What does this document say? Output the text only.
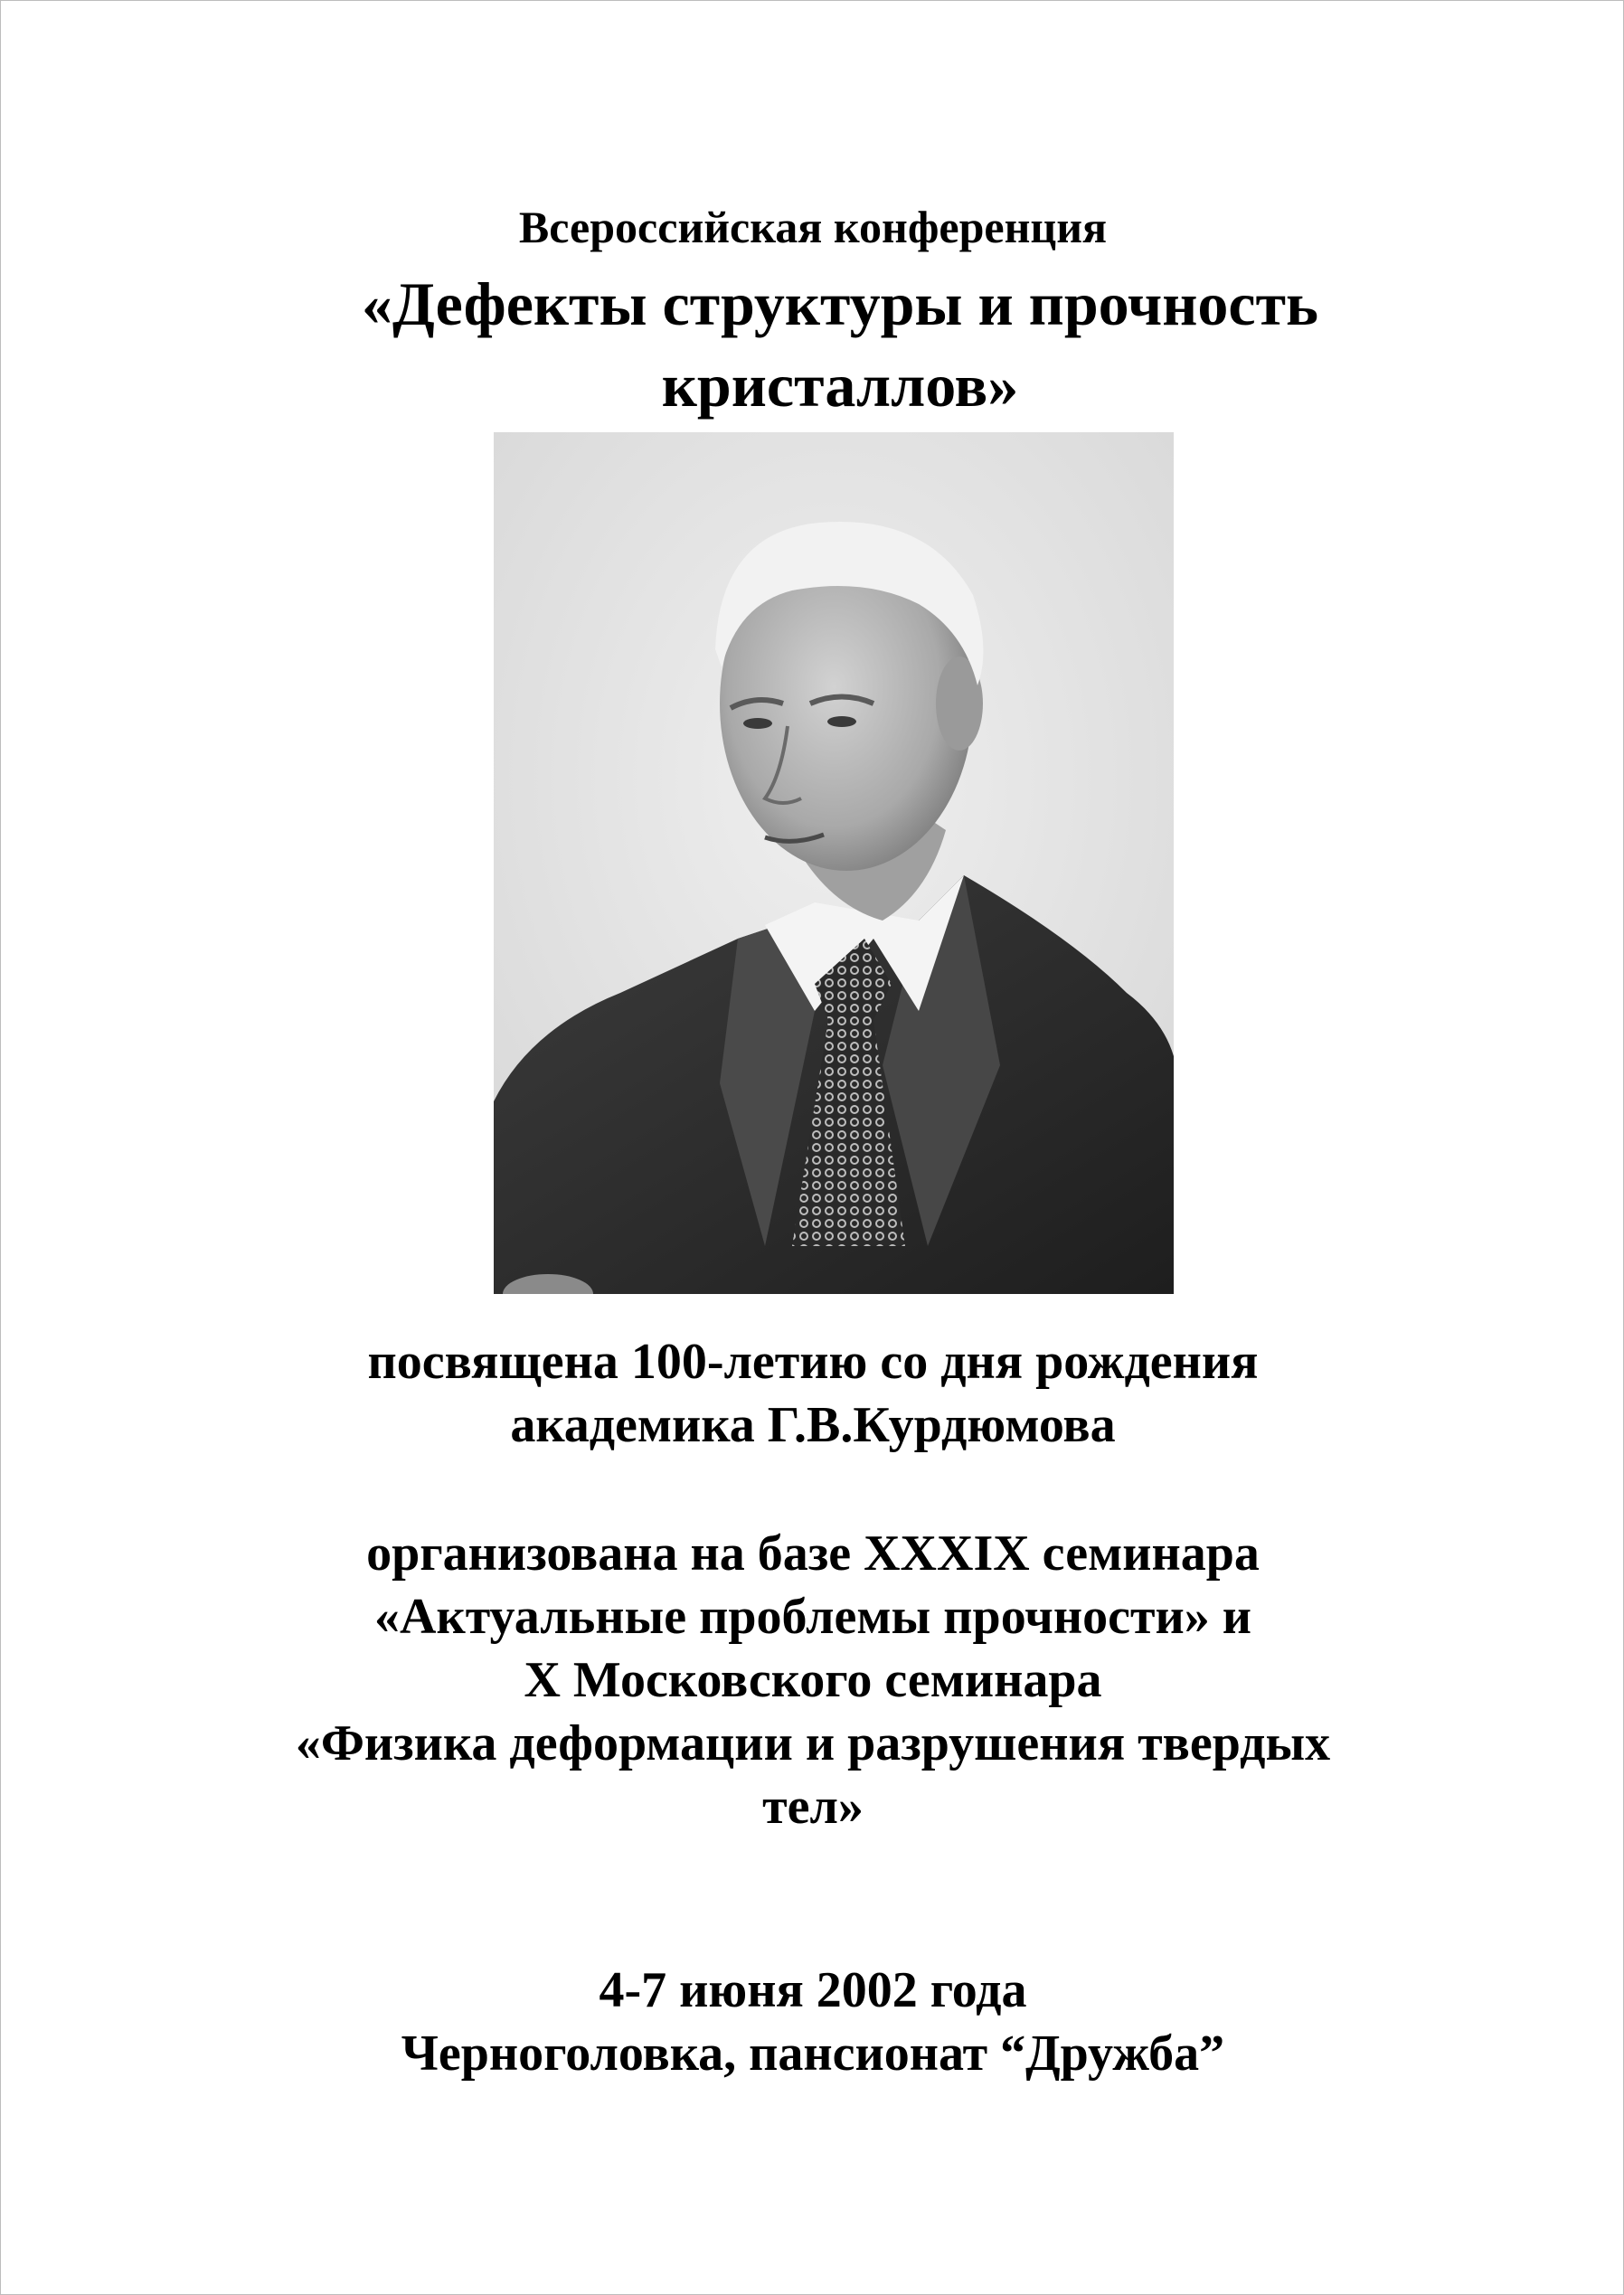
Всероссийская конференция
«Дефекты структуры и прочность
кристаллов»
посвящена 100-летию со дня рождения
академика Г.В.Курдюмова
организована на базе XXXIX семинара
«Актуальные проблемы прочности» и
X Московского семинара
«Физика деформации и разрушения твердых
тел»
4-7 июня 2002 года
Черноголовка, пансионат “Дружба”
